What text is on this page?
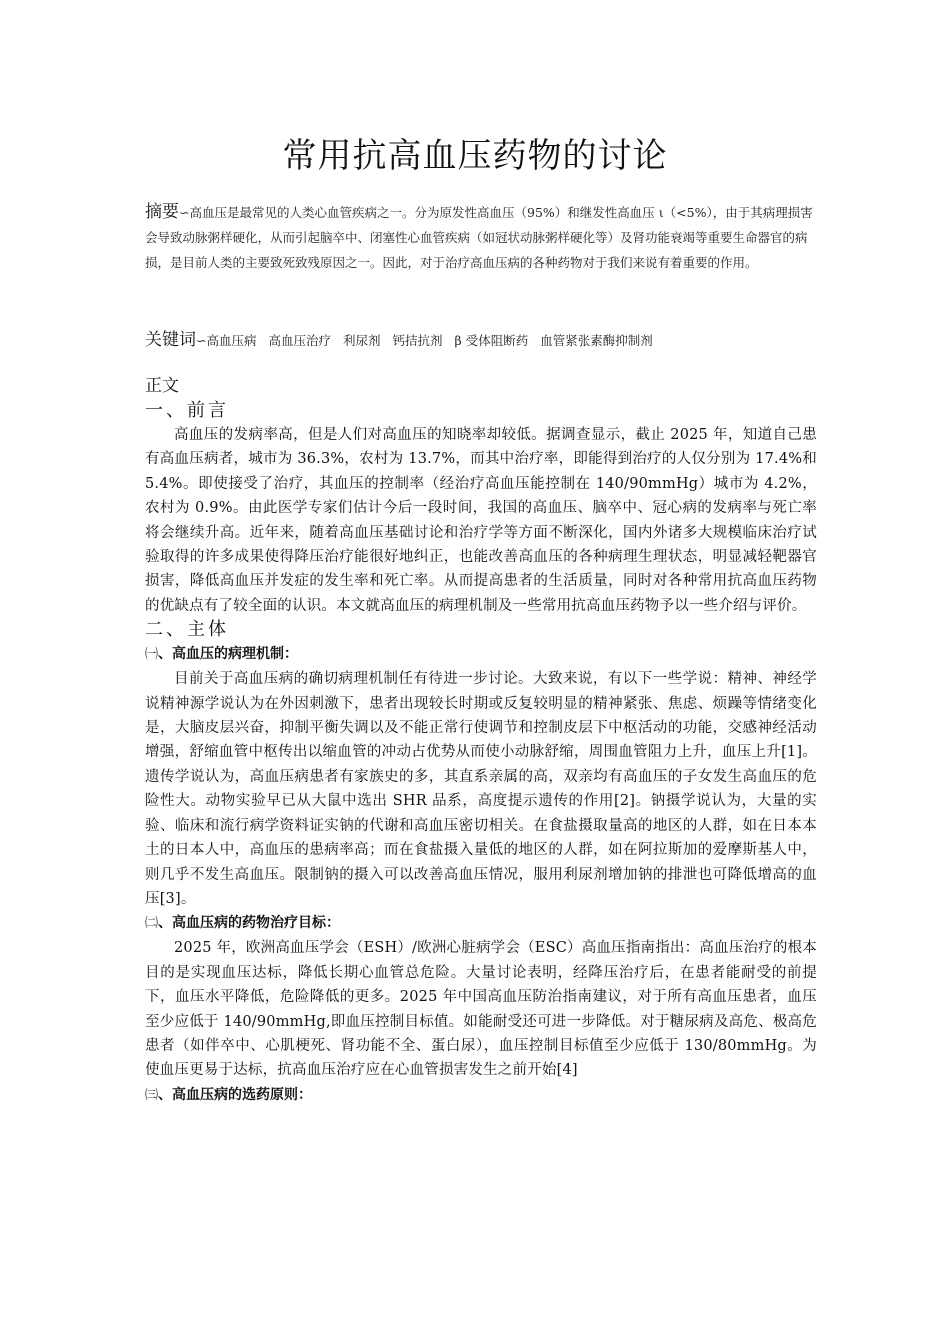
常用抗高血压药物的讨论

摘要∽高血压是最常见的人类心血管疾病之一。分为原发性高血压（95%）和继发性高血压 ι（<5%），由于其病理损害会导致动脉粥样硬化，从而引起脑卒中、闭塞性心血管疾病（如冠状动脉粥样硬化等）及肾功能衰竭等重要生命器官的病损，是目前人类的主要致死致残原因之一。因此，对于治疗高血压病的各种药物对于我们来说有着重要的作用。

关键词∽高血压病 高血压治疗 利尿剂 钙拮抗剂 β 受体阻断药 血管紧张素酶抑制剂

正文

一、前言

高血压的发病率高，但是人们对高血压的知晓率却较低。据调查显示，截止 2025 年，知道自己患有高血压病者，城市为 36.3%，农村为 13.7%，而其中治疗率，即能得到治疗的人仅分别为 17.4%和 5.4%。即使接受了治疗，其血压的控制率（经治疗高血压能控制在 140/90mmHg）城市为 4.2%，农村为 0.9%。由此医学专家们估计今后一段时间，我国的高血压、脑卒中、冠心病的发病率与死亡率将会继续升高。近年来，随着高血压基础讨论和治疗学等方面不断深化，国内外诸多大规模临床治疗试验取得的许多成果使得降压治疗能很好地纠正，也能改善高血压的各种病理生理状态，明显减轻靶器官损害，降低高血压并发症的发生率和死亡率。从而提高患者的生活质量，同时对各种常用抗高血压药物的优缺点有了较全面的认识。本文就高血压的病理机制及一些常用抗高血压药物予以一些介绍与评价。

二、主体

㈠、高血压的病理机制：

目前关于高血压病的确切病理机制任有待进一步讨论。大致来说，有以下一些学说：精神、神经学说精神源学说认为在外因刺激下，患者出现较长时期或反复较明显的精神紧张、焦虑、烦躁等情绪变化是，大脑皮层兴奋，抑制平衡失调以及不能正常行使调节和控制皮层下中枢活动的功能，交感神经活动增强，舒缩血管中枢传出以缩血管的冲动占优势从而使小动脉舒缩，周围血管阻力上升，血压上升[1]。遗传学说认为，高血压病患者有家族史的多，其直系亲属的高，双亲均有高血压的子女发生高血压的危险性大。动物实验早已从大鼠中选出 SHR 品系，高度提示遗传的作用[2]。钠摄学说认为，大量的实验、临床和流行病学资料证实钠的代谢和高血压密切相关。在食盐摄取量高的地区的人群，如在日本本土的日本人中，高血压的患病率高；而在食盐摄入量低的地区的人群，如在阿拉斯加的爱摩斯基人中，则几乎不发生高血压。限制钠的摄入可以改善高血压情况，服用利尿剂增加钠的排泄也可降低增高的血压[3]。

㈡、高血压病的药物治疗目标：

2025 年，欧洲高血压学会（ESH）/欧洲心脏病学会（ESC）高血压指南指出：高血压治疗的根本目的是实现血压达标，降低长期心血管总危险。大量讨论表明，经降压治疗后，在患者能耐受的前提下，血压水平降低，危险降低的更多。2025 年中国高血压防治指南建议，对于所有高血压患者，血压至少应低于 140/90mmHg,即血压控制目标值。如能耐受还可进一步降低。对于糖尿病及高危、极高危患者（如伴卒中、心肌梗死、肾功能不全、蛋白尿），血压控制目标值至少应低于 130/80mmHg。为使血压更易于达标，抗高血压治疗应在心血管损害发生之前开始[4]

㈢、高血压病的选药原则：
